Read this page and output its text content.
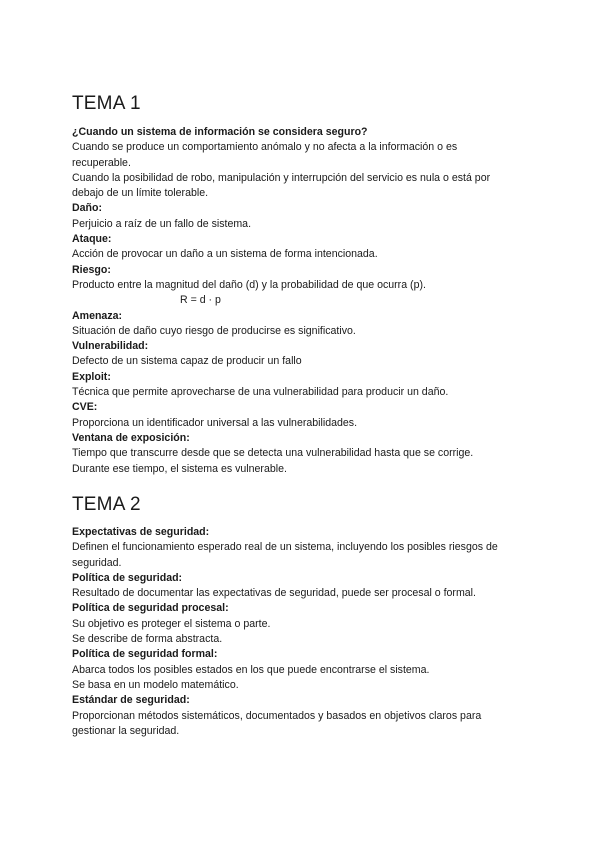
TEMA 1

¿Cuando un sistema de información se considera seguro?

Cuando se produce un comportamiento anómalo y no afecta a la información o es

recuperable.

Cuando la posibilidad de robo, manipulación y interrupción del servicio es nula o está por

debajo de un límite tolerable.

Daño:

Perjuicio a raíz de un fallo de sistema.

Ataque:

Acción de provocar un daño a un sistema de forma intencionada.

Riesgo:

Producto entre la magnitud del daño (d) y la probabilidad de que ocurra (p).

R = d · p

Amenaza:

Situación de daño cuyo riesgo de producirse es significativo.

Vulnerabilidad:

Defecto de un sistema capaz de producir un fallo

Exploit:

Técnica que permite aprovecharse de una vulnerabilidad para producir un daño.

CVE:

Proporciona un identificador universal a las vulnerabilidades.

Ventana de exposición:

Tiempo que transcurre desde que se detecta una vulnerabilidad hasta que se corrige.

Durante ese tiempo, el sistema es vulnerable.

TEMA 2

Expectativas de seguridad:

Definen el funcionamiento esperado real de un sistema, incluyendo los posibles riesgos de

seguridad.

Política de seguridad:

Resultado de documentar las expectativas de seguridad, puede ser procesal o formal.

Política de seguridad procesal:

Su objetivo es proteger el sistema o parte.

Se describe de forma abstracta.

Política de seguridad formal:

Abarca todos los posibles estados en los que puede encontrarse el sistema.

Se basa en un modelo matemático.

Estándar de seguridad:

Proporcionan métodos sistemáticos, documentados y basados en objetivos claros para

gestionar la seguridad.
